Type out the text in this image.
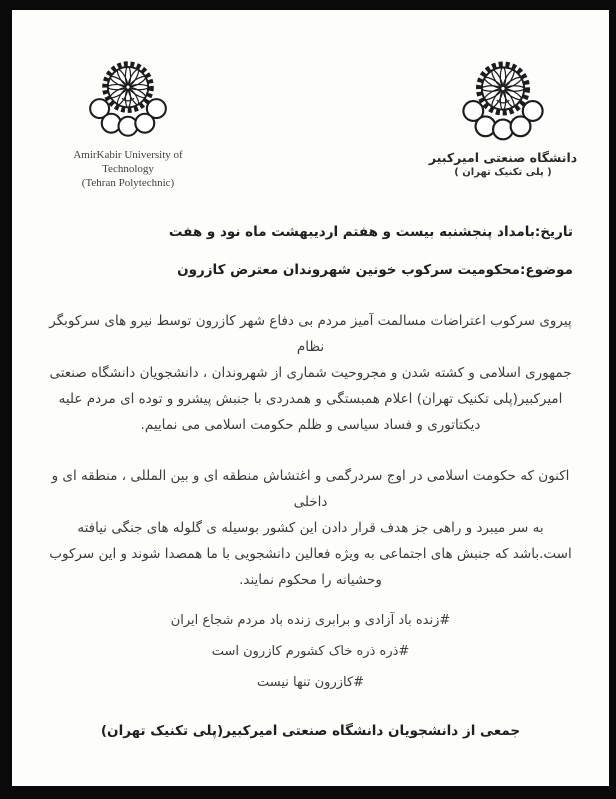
AmirKabir University of
Technology
(Tehran Polytechnic)
دانشگاه صنعتی امیرکبیر
( پلی تکنیک تهران )
تاریخ:بامداد پنجشنبه بیست و هفتم اردیبهشت ماه نود و هفت
موضوع:محکومیت سرکوب خونین شهروندان معترض کازرون
پیروی سرکوب اعتراضات مسالمت آمیز مردم بی دفاع شهر کازرون توسط نیرو های سرکوبگر نظام
جمهوری اسلامی و کشته شدن و مجروحیت شماری از شهروندان ، دانشجویان دانشگاه صنعتی
امیرکبیر(پلی تکنیک تهران) اعلام همبستگی و همدردی با جنبش پیشرو و توده ای مردم علیه
دیکتاتوری و فساد سیاسی و ظلم حکومت اسلامی می نماییم.
اکنون که حکومت اسلامی در اوج سردرگمی و اغتشاش منطقه ای و بین المللی ، منطقه ای و داخلی
به سر میبرد و راهی جز هدف قرار دادن این کشور بوسیله ی گلوله های جنگی نیافته
است.باشد که جنبش های اجتماعی به ویژه فعالین دانشجویی با ما همصدا شوند و این سرکوب
وحشیانه را محکوم نمایند.
#زنده باد آزادی و برابری زنده باد مردم شجاع ایران
#ذره ذره خاک کشورم کازرون است
#کازرون تنها نیست
جمعی از دانشجویان دانشگاه صنعتی امیرکبیر(پلی تکنیک تهران)
